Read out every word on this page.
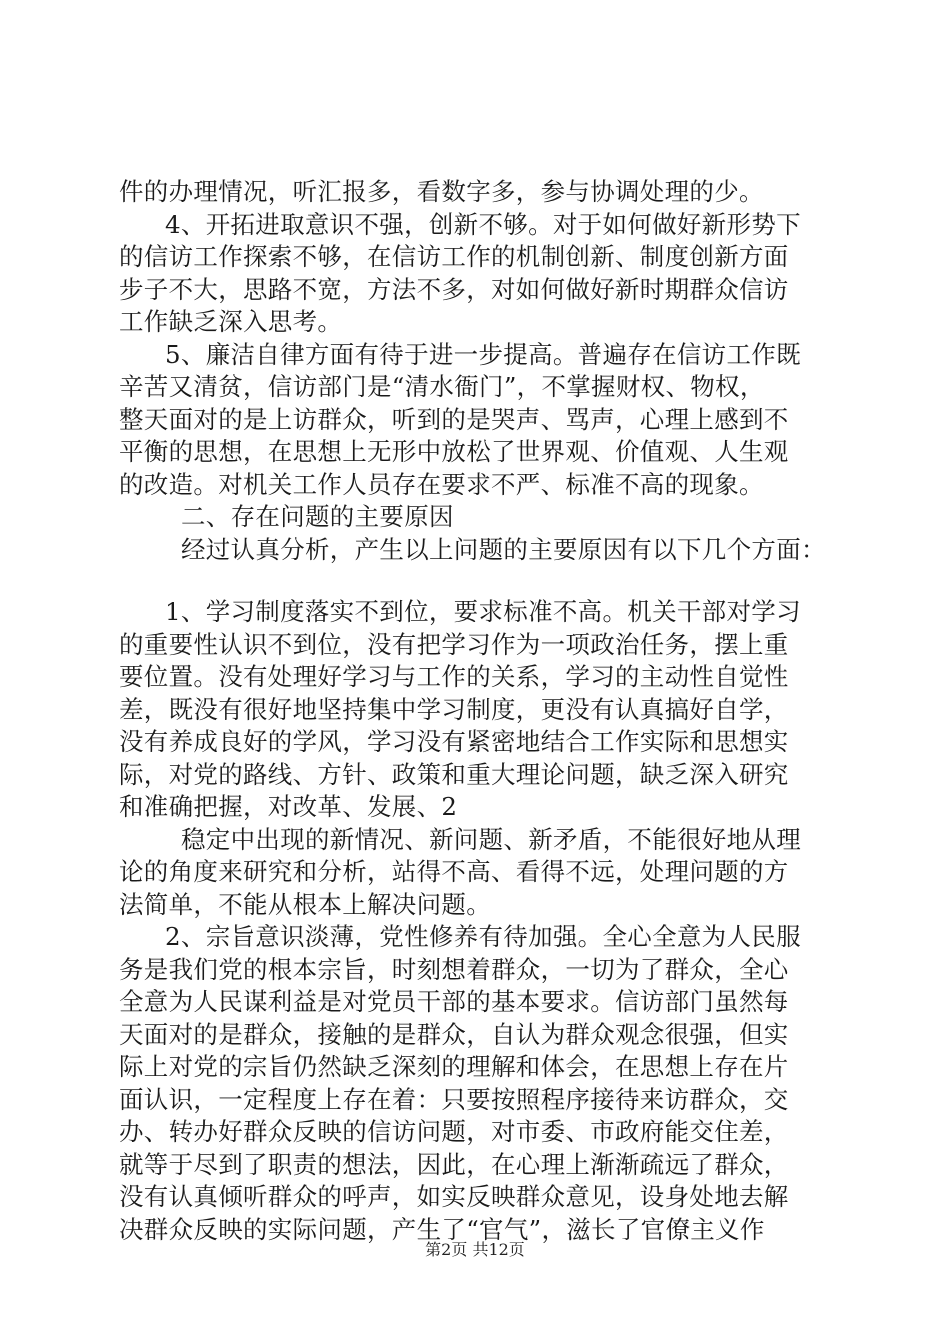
件的办理情况，听汇报多，看数字多，参与协调处理的少。
4、开拓进取意识不强，创新不够。对于如何做好新形势下
的信访工作探索不够，在信访工作的机制创新、制度创新方面
步子不大，思路不宽，方法不多，对如何做好新时期群众信访
工作缺乏深入思考。
5、廉洁自律方面有待于进一步提高。普遍存在信访工作既
辛苦又清贫，信访部门是“清水衙门”，不掌握财权、物权，
整天面对的是上访群众，听到的是哭声、骂声，心理上感到不
平衡的思想，在思想上无形中放松了世界观、价值观、人生观
的改造。对机关工作人员存在要求不严、标准不高的现象。
二、存在问题的主要原因
经过认真分析，产生以上问题的主要原因有以下几个方面：
1、学习制度落实不到位，要求标准不高。机关干部对学习
的重要性认识不到位，没有把学习作为一项政治任务，摆上重
要位置。没有处理好学习与工作的关系，学习的主动性自觉性
差，既没有很好地坚持集中学习制度，更没有认真搞好自学，
没有养成良好的学风，学习没有紧密地结合工作实际和思想实
际，对党的路线、方针、政策和重大理论问题，缺乏深入研究
和准确把握，对改革、发展、2
稳定中出现的新情况、新问题、新矛盾，不能很好地从理
论的角度来研究和分析，站得不高、看得不远，处理问题的方
法简单，不能从根本上解决问题。
2、宗旨意识淡薄，党性修养有待加强。全心全意为人民服
务是我们党的根本宗旨，时刻想着群众，一切为了群众，全心
全意为人民谋利益是对党员干部的基本要求。信访部门虽然每
天面对的是群众，接触的是群众，自认为群众观念很强，但实
际上对党的宗旨仍然缺乏深刻的理解和体会，在思想上存在片
面认识，一定程度上存在着：只要按照程序接待来访群众，交
办、转办好群众反映的信访问题，对市委、市政府能交住差，
就等于尽到了职责的想法，因此，在心理上渐渐疏远了群众，
没有认真倾听群众的呼声，如实反映群众意见，设身处地去解
决群众反映的实际问题，产生了“官气”，滋长了官僚主义作
第2页 共12页
